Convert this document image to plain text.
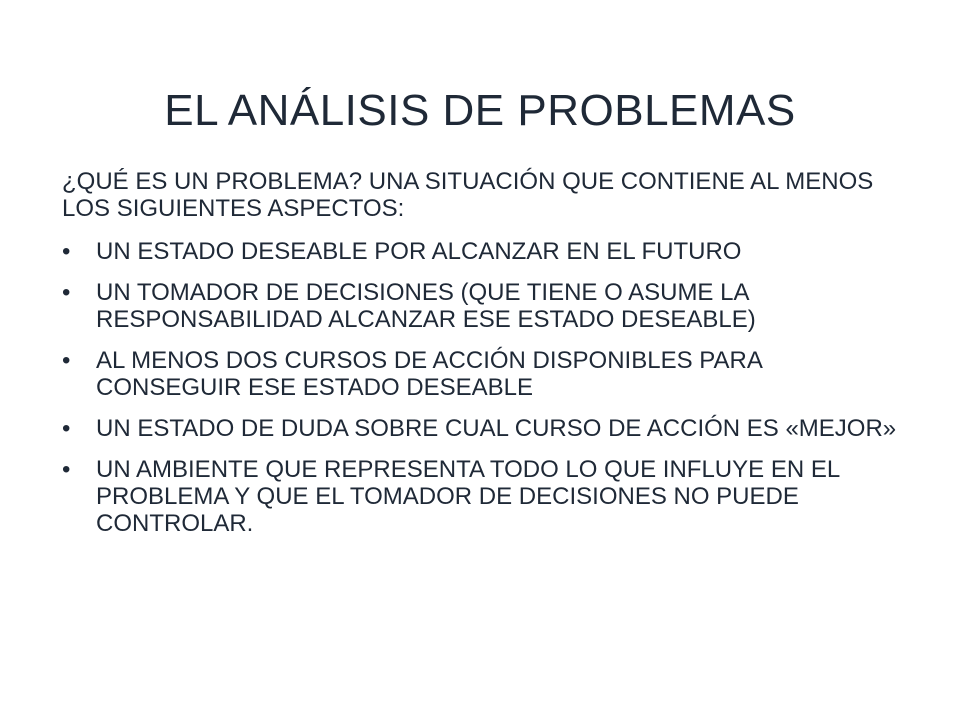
EL ANÁLISIS DE PROBLEMAS

¿QUÉ ES UN PROBLEMA? UNA SITUACIÓN QUE CONTIENE AL MENOS LOS SIGUIENTES ASPECTOS:

•	UN ESTADO DESEABLE POR ALCANZAR EN EL FUTURO
•	UN TOMADOR DE DECISIONES (QUE TIENE O ASUME LA RESPONSABILIDAD ALCANZAR ESE ESTADO DESEABLE)
•	AL MENOS DOS CURSOS DE ACCIÓN DISPONIBLES PARA CONSEGUIR ESE ESTADO DESEABLE
•	UN ESTADO DE DUDA SOBRE CUAL CURSO DE ACCIÓN ES «MEJOR»
•	UN AMBIENTE QUE REPRESENTA TODO LO QUE INFLUYE EN EL PROBLEMA Y QUE EL TOMADOR DE DECISIONES NO PUEDE CONTROLAR.
